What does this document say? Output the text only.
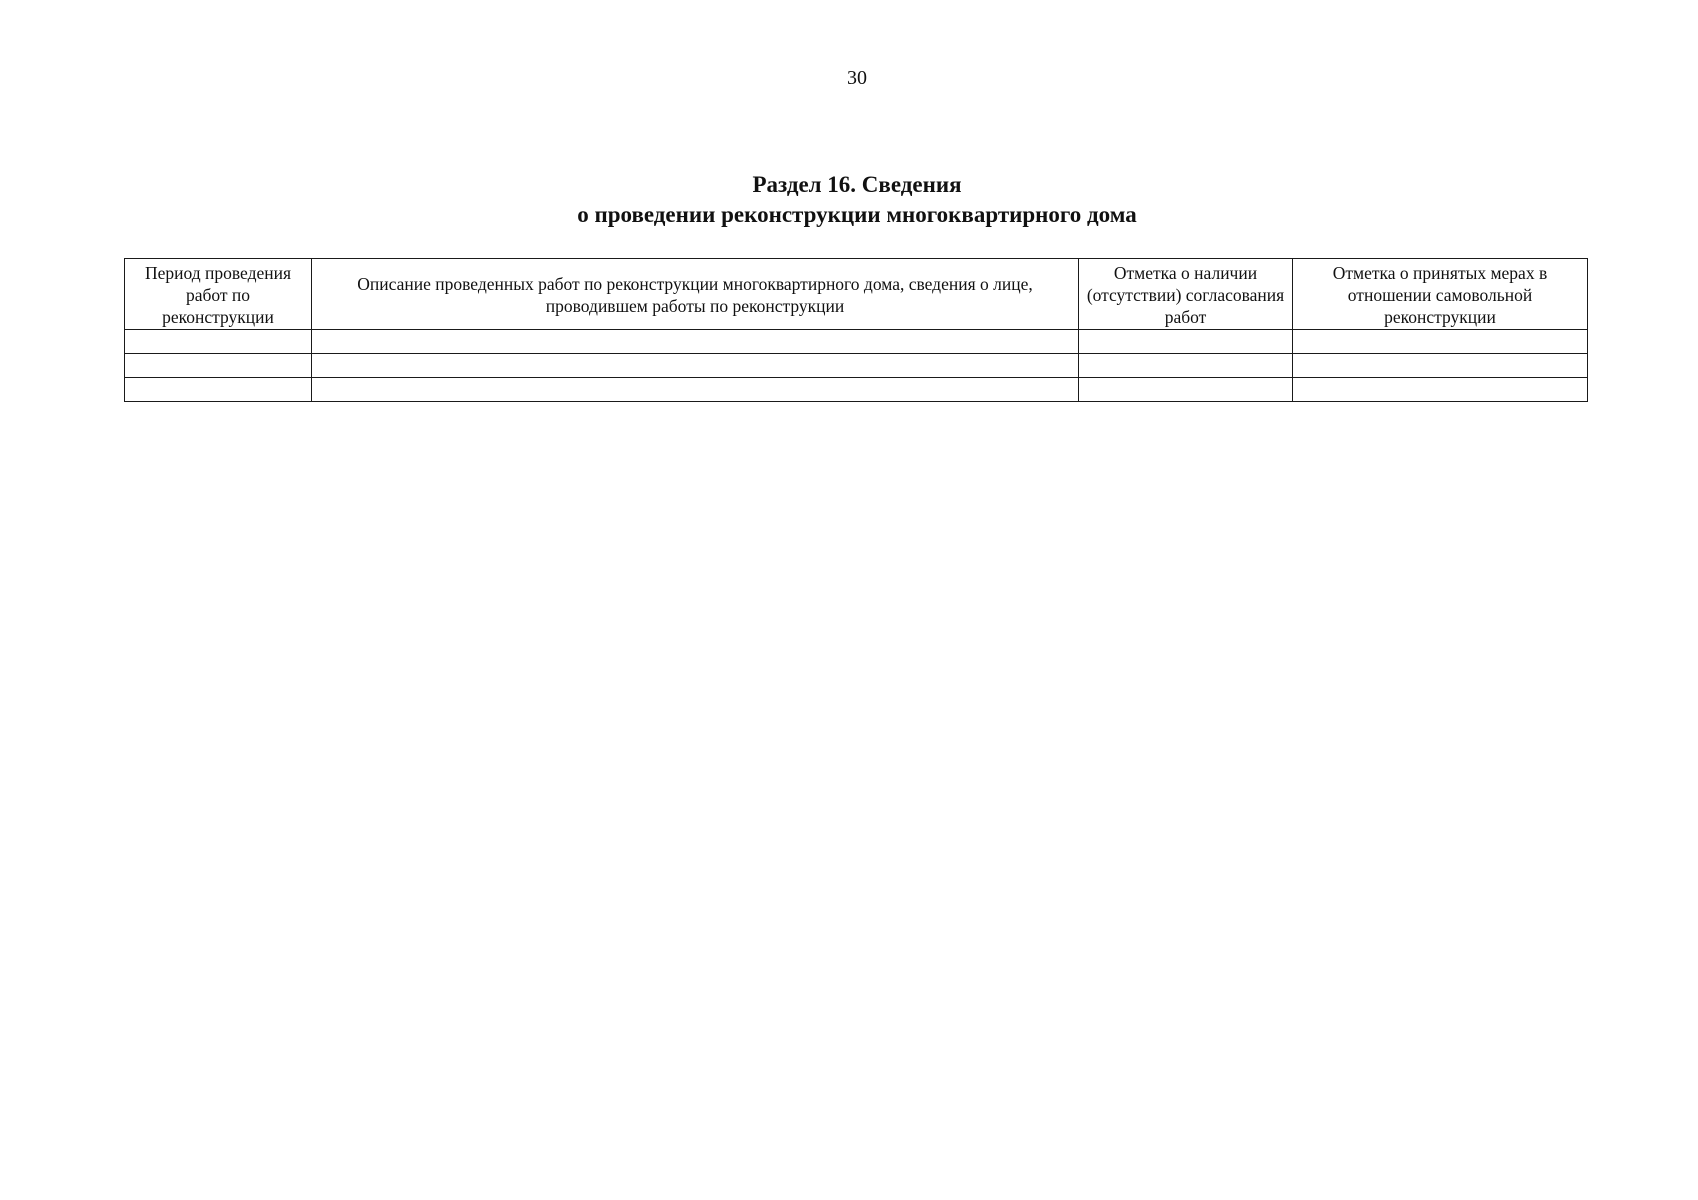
30
Раздел 16. Сведения
о проведении реконструкции многоквартирного дома
Период проведения работ по реконструкции	Описание проведенных работ по реконструкции многоквартирного дома, сведения о лице, проводившем работы по реконструкции	Отметка о наличии (отсутствии) согласования работ	Отметка о принятых мерах в отношении самовольной реконструкции
